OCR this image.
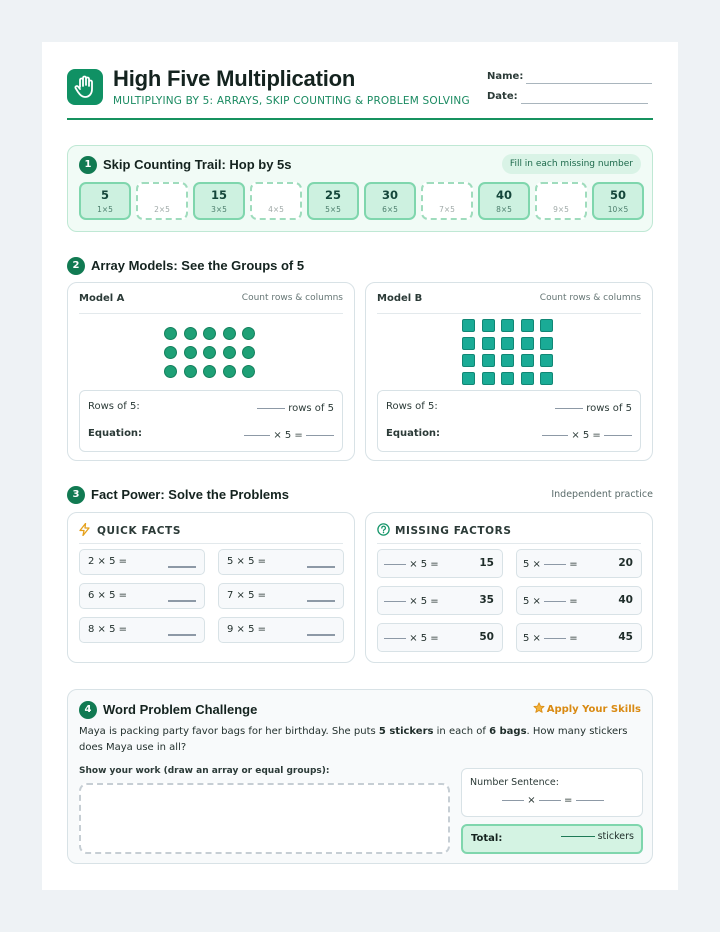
High Five Multiplication
MULTIPLYING BY 5: ARRAYS, SKIP COUNTING & PROBLEM SOLVING
Name:
Date:
1 Skip Counting Trail: Hop by 5s	Fill in each missing number
5
1×5	2×5
15
3×5	4×5
25
5×5
30
6×5	7×5
40
8×5	9×5
50
10×5
2 Array Models: See the Groups of 5
Model A	Count rows & columns
Rows of 5:	rows of 5
Equation:	× 5 =
Model B	Count rows & columns
Rows of 5:	rows of 5
Equation:	× 5 =
3 Fact Power: Solve the Problems	Independent practice
QUICK FACTS
2 × 5 =	5 × 5 =
6 × 5 =	7 × 5 =
8 × 5 =	9 × 5 =
MISSING FACTORS
× 5 =	15	5 ×	=	20
× 5 =	35	5 ×	=	40
× 5 =	50	5 ×	=	45
4 Word Problem Challenge	Apply Your Skills
Maya is packing party favor bags for her birthday. She puts 5 stickers in each of 6 bags. How many stickers does Maya use in all?
Show your work (draw an array or equal groups):
Number Sentence:
×	=
Total:	stickers
